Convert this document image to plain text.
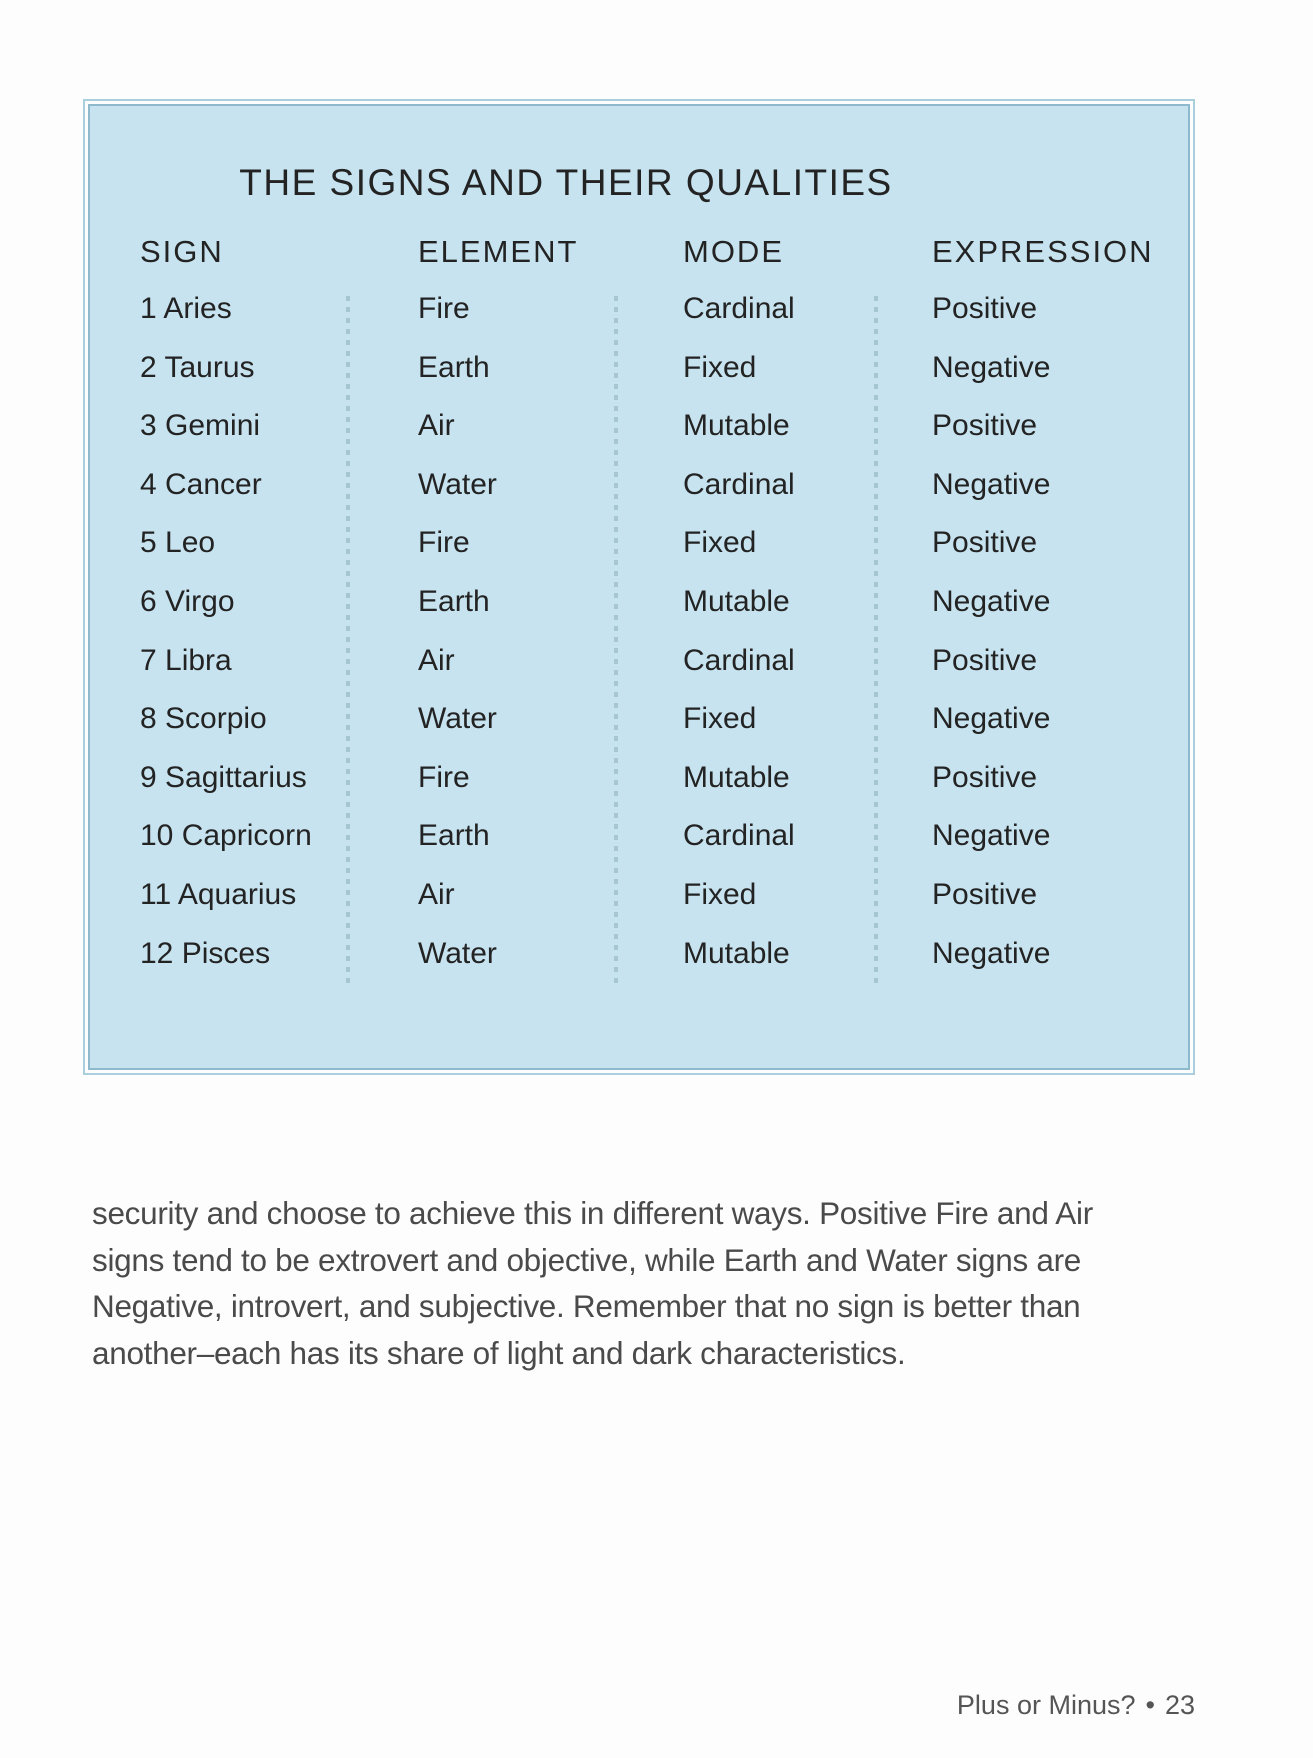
THE SIGNS AND THEIR QUALITIES
SIGN	ELEMENT	MODE	EXPRESSION
1 Aries	Fire	Cardinal	Positive
2 Taurus	Earth	Fixed	Negative
3 Gemini	Air	Mutable	Positive
4 Cancer	Water	Cardinal	Negative
5 Leo	Fire	Fixed	Positive
6 Virgo	Earth	Mutable	Negative
7 Libra	Air	Cardinal	Positive
8 Scorpio	Water	Fixed	Negative
9 Sagittarius	Fire	Mutable	Positive
10 Capricorn	Earth	Cardinal	Negative
11 Aquarius	Air	Fixed	Positive
12 Pisces	Water	Mutable	Negative

security and choose to achieve this in different ways. Positive Fire and Air

signs tend to be extrovert and objective, while Earth and Water signs are

Negative, introvert, and subjective. Remember that no sign is better than

another–each has its share of light and dark characteristics.

Plus or Minus? • 23
